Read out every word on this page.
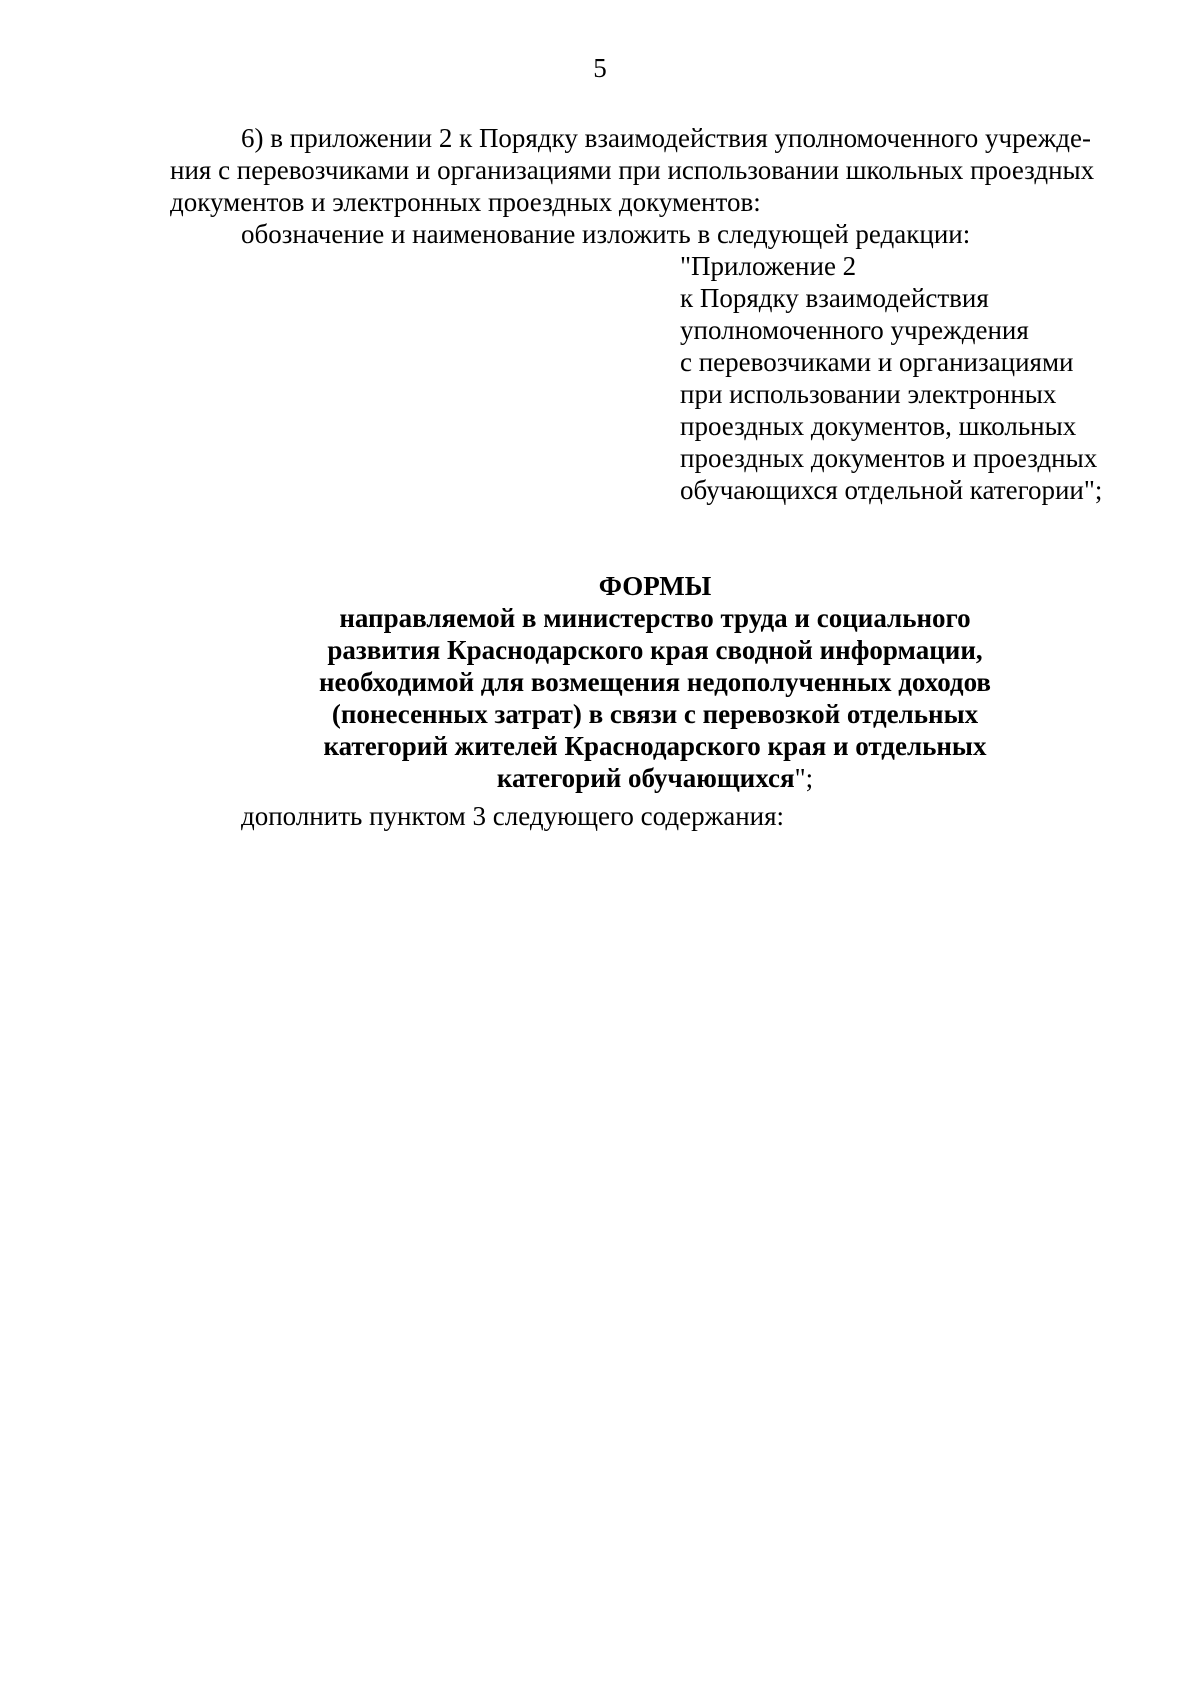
5
6) в приложении 2 к Порядку взаимодействия уполномоченного учрежде-
ния с перевозчиками и организациями при использовании школьных проездных
документов и электронных проездных документов:
обозначение и наименование изложить в следующей редакции:
"Приложение 2
к Порядку взаимодействия
уполномоченного учреждения
с перевозчиками и организациями
при использовании электронных
проездных документов, школьных
проездных документов и проездных
обучающихся отдельной категории";
ФОРМЫ
направляемой в министерство труда и социального
развития Краснодарского края сводной информации,
необходимой для возмещения недополученных доходов
(понесенных затрат) в связи с перевозкой отдельных
категорий жителей Краснодарского края и отдельных
категорий обучающихся";
дополнить пунктом 3 следующего содержания:
